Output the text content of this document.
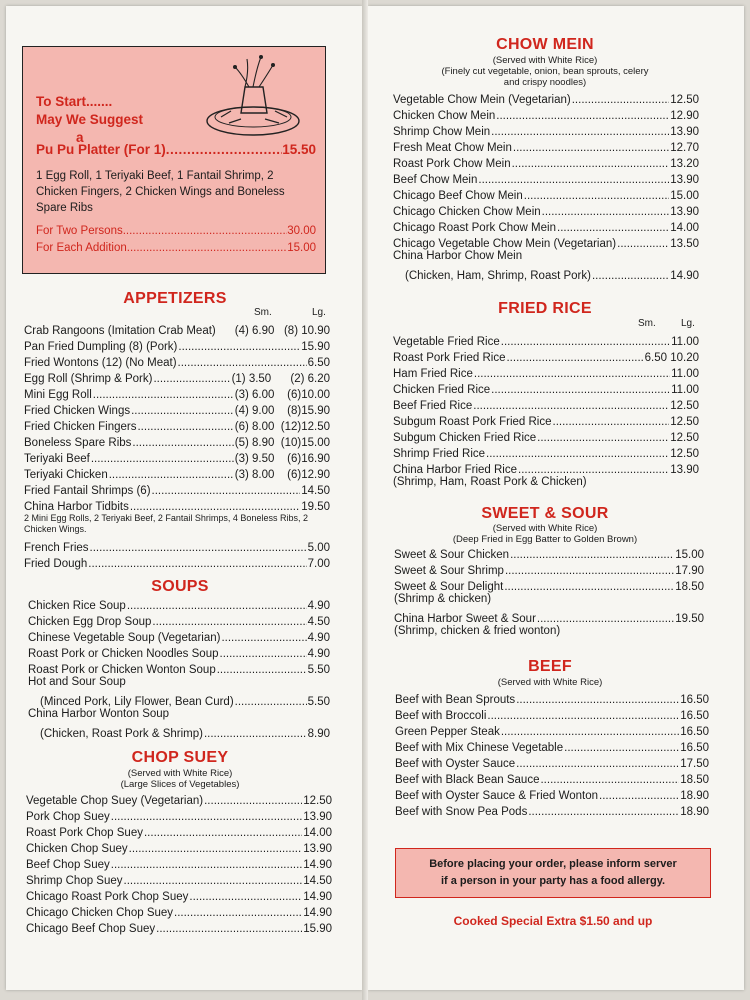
To Start.......
May We Suggest
a
Pu Pu Platter (For 1) .....	15.50
1 Egg Roll, 1 Teriyaki Beef, 1 Fantail Shrimp, 2 Chicken Fingers, 2 Chicken Wings and Boneless Spare Ribs
For Two Persons .....	30.00
For Each Addition .....	15.00
APPETIZERS
Sm.	Lg.
Crab Rangoons (Imitation Crab Meat) (4) 6.90   (8) 10.90
Pan Fried Dumpling (8) (Pork) .....	15.90
Fried Wontons (12) (No Meat) .....	6.50
Egg Roll (Shrimp & Pork) .....	(1) 3.50      (2) 6.20
Mini Egg Roll .....	(3) 6.00    (6)10.00
Fried Chicken Wings .....	(4) 9.00    (8)15.90
Fried Chicken Fingers .....	(6) 8.00  (12)12.50
Boneless Spare Ribs .....	(5) 8.90  (10)15.00
Teriyaki Beef .....	(3) 9.50    (6)16.90
Teriyaki Chicken .....	(3) 8.00    (6)12.90
Fried Fantail Shrimps (6) .....	14.50
China Harbor Tidbits .....	19.50
2 Mini Egg Rolls, 2 Teriyaki Beef, 2 Fantail Shrimps, 4 Boneless Ribs, 2 Chicken Wings.
French Fries .....	5.00
Fried Dough .....	7.00
SOUPS
Chicken Rice Soup .....	4.90
Chicken Egg Drop Soup .....	4.50
Chinese Vegetable Soup (Vegetarian) .....	4.90
Roast Pork or Chicken Noodles Soup .....	4.90
Roast Pork or Chicken Wonton Soup .....	5.50
Hot and Sour Soup
(Minced Pork, Lily Flower, Bean Curd) .....	5.50
China Harbor Wonton Soup
(Chicken, Roast Pork & Shrimp) .....	8.90
CHOP SUEY
(Served with White Rice)
(Large Slices of Vegetables)
Vegetable Chop Suey (Vegetarian) .....	12.50
Pork Chop Suey .....	13.90
Roast Pork Chop Suey .....	14.00
Chicken Chop Suey .....	13.90
Beef Chop Suey .....	14.90
Shrimp Chop Suey .....	14.50
Chicago Roast Pork Chop Suey .....	14.90
Chicago Chicken Chop Suey .....	14.90
Chicago Beef Chop Suey .....	15.90
CHOW MEIN
(Served with White Rice)
(Finely cut vegetable, onion, bean sprouts, celery
and crispy noodles)
Vegetable Chow Mein (Vegetarian) .....	12.50
Chicken Chow Mein .....	12.90
Shrimp Chow Mein .....	13.90
Fresh Meat Chow Mein .....	12.70
Roast Pork Chow Mein .....	13.20
Beef Chow Mein .....	13.90
Chicago Beef Chow Mein .....	15.00
Chicago Chicken Chow Mein .....	13.90
Chicago Roast Pork Chow Mein .....	14.00
Chicago Vegetable Chow Mein (Vegetarian) .....	13.50
China Harbor Chow Mein
(Chicken, Ham, Shrimp, Roast Pork) .....	14.90
FRIED RICE
Sm.	Lg.
Vegetable Fried Rice .....	11.00
Roast Pork Fried Rice .....	6.50 10.20
Ham Fried Rice .....	11.00
Chicken Fried Rice .....	11.00
Beef Fried Rice .....	12.50
Subgum Roast Pork Fried Rice .....	12.50
Subgum Chicken Fried Rice .....	12.50
Shrimp Fried Rice .....	12.50
China Harbor Fried Rice .....	13.90
(Shrimp, Ham, Roast Pork & Chicken)
SWEET & SOUR
(Served with White Rice)
(Deep Fried in Egg Batter to Golden Brown)
Sweet & Sour Chicken .....	15.00
Sweet & Sour Shrimp .....	17.90
Sweet & Sour Delight .....	18.50
(Shrimp & chicken)
China Harbor Sweet & Sour .....	19.50
(Shrimp, chicken & fried wonton)
BEEF
(Served with White Rice)
Beef with Bean Sprouts .....	16.50
Beef with Broccoli .....	16.50
Green Pepper Steak .....	16.50
Beef with Mix Chinese Vegetable .....	16.50
Beef with Oyster Sauce .....	17.50
Beef with Black Bean Sauce .....	18.50
Beef with Oyster Sauce & Fried Wonton .....	18.90
Beef with Snow Pea Pods .....	18.90

Before placing your order, please inform server
if a person in your party has a food allergy.

Cooked Special Extra $1.50 and up
